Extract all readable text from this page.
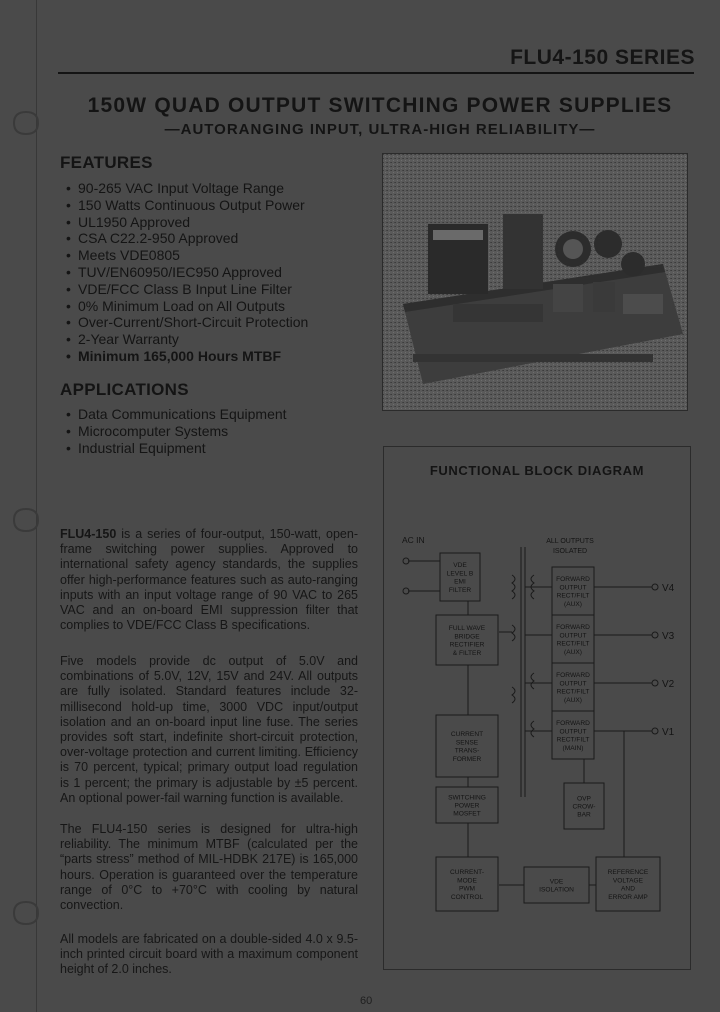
FLU4-150 SERIES
150W QUAD OUTPUT SWITCHING POWER SUPPLIES
—AUTORANGING INPUT, ULTRA-HIGH RELIABILITY—
FEATURES
• 90-265 VAC Input Voltage Range
• 150 Watts Continuous Output Power
• UL1950 Approved
• CSA C22.2-950 Approved
• Meets VDE0805
• TUV/EN60950/IEC950 Approved
• VDE/FCC Class B Input Line Filter
• 0% Minimum Load on All Outputs
• Over-Current/Short-Circuit Protection
• 2-Year Warranty
• Minimum 165,000 Hours MTBF
APPLICATIONS
• Data Communications Equipment
• Microcomputer Systems
• Industrial Equipment

FLU4-150 is a series of four-output, 150-watt, open-frame switching power supplies. Approved to international safety agency standards, the supplies offer high-performance features such as auto-ranging inputs with an input voltage range of 90 VAC to 265 VAC and an on-board EMI suppression filter that complies to VDE/FCC Class B specifications.

Five models provide dc output of 5.0V and combinations of 5.0V, 12V, 15V and 24V. All outputs are fully isolated. Standard features include 32-millisecond hold-up time, 3000 VDC input/output isolation and an on-board input line fuse. The series provides soft start, indefinite short-circuit protection, over-voltage protection and current limiting. Efficiency is 70 percent, typical; primary output load regulation is 1 percent; the primary is adjustable by ±5 percent. An optional power-fail warning function is available.

The FLU4-150 series is designed for ultra-high reliability. The minimum MTBF (calculated per the “parts stress” method of MIL-HDBK 217E) is 165,000 hours. Operation is guaranteed over the temperature range of 0°C to +70°C with cooling by natural convection.

All models are fabricated on a double-sided 4.0 x 9.5-inch printed circuit board with a maximum component height of 2.0 inches.

FUNCTIONAL BLOCK DIAGRAM
AC IN	ALL OUTPUTS
ISOLATED
VDE
LEVEL B
EMI
FILTER
FULL WAVE
BRIDGE
RECTIFIER
& FILTER
CURRENT
SENSE
TRANS-
FORMER
SWITCHING
POWER
MOSFET
CURRENT-
MODE
PWM
CONTROL
VDE
ISOLATION
REFERENCE
VOLTAGE
AND
ERROR AMP
FORWARD
OUTPUT
RECT/FILT
(AUX)
FORWARD
OUTPUT
RECT/FILT
(AUX)
FORWARD
OUTPUT
RECT/FILT
(AUX)
FORWARD
OUTPUT
RECT/FILT
(MAIN)
OVP
CROW-
BAR
V4
V3
V2
V1
60
